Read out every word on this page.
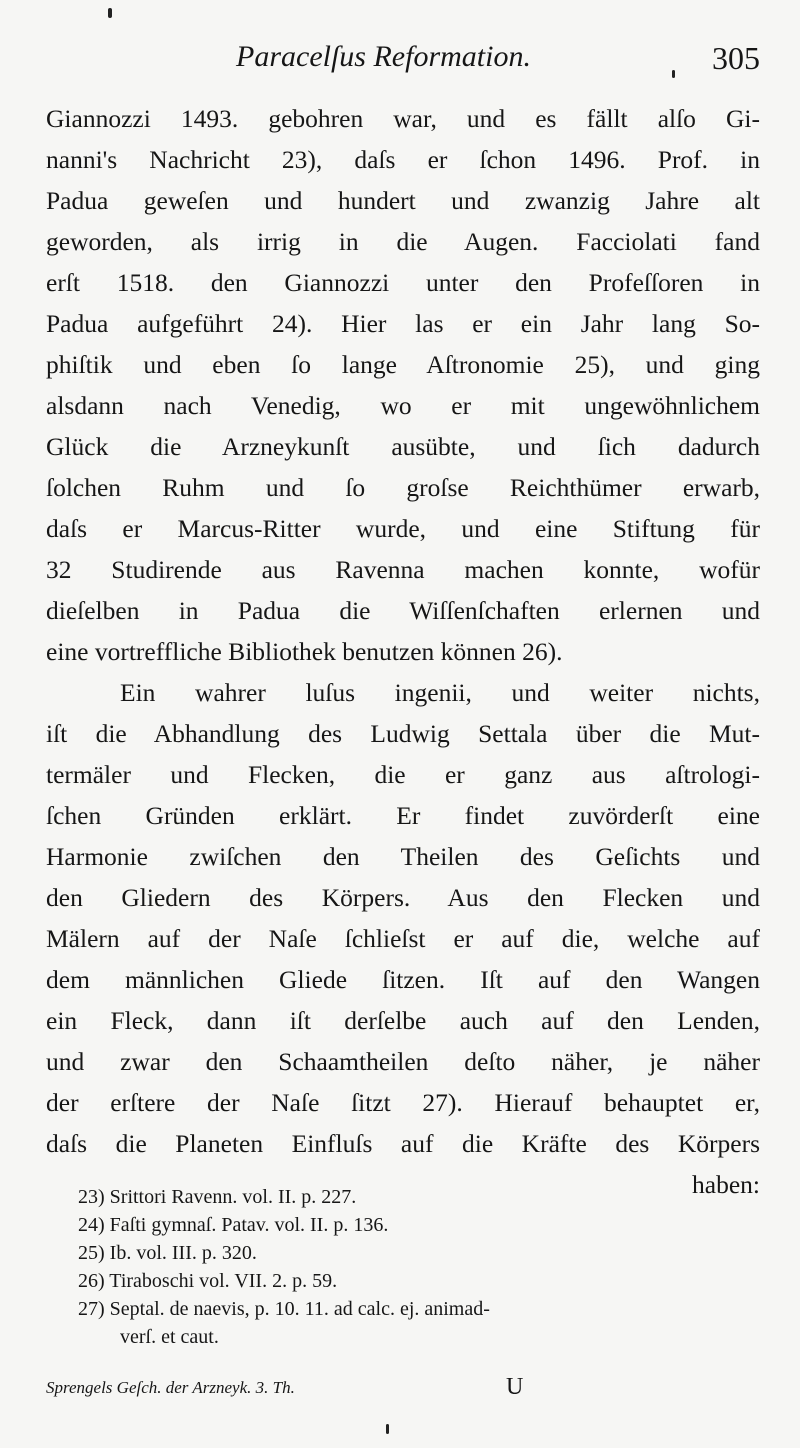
Paracelſus Reformation.	305
Giannozzi 1493. gebohren war, und es fällt alſo Gi-
nanni's Nachricht 23), daſs er ſchon 1496. Prof. in
Padua geweſen und hundert und zwanzig Jahre alt
geworden, als irrig in die Augen. Facciolati fand
erſt 1518. den Giannozzi unter den Profeſſoren in
Padua aufgeführt 24). Hier las er ein Jahr lang So-
phiſtik und eben ſo lange Aſtronomie 25), und ging
alsdann nach Venedig, wo er mit ungewöhnlichem
Glück die Arzneykunſt ausübte, und ſich dadurch
ſolchen Ruhm und ſo groſse Reichthümer erwarb,
daſs er Marcus-Ritter wurde, und eine Stiftung für
32 Studirende aus Ravenna machen konnte, wofür
dieſelben in Padua die Wiſſenſchaften erlernen und
eine vortreffliche Bibliothek benutzen können 26).
Ein wahrer luſus ingenii, und weiter nichts,
iſt die Abhandlung des Ludwig Settala über die Mut-
termäler und Flecken, die er ganz aus aſtrologi-
ſchen Gründen erklärt. Er findet zuvörderſt eine
Harmonie zwiſchen den Theilen des Geſichts und
den Gliedern des Körpers. Aus den Flecken und
Mälern auf der Naſe ſchlieſst er auf die, welche auf
dem männlichen Gliede ſitzen. Iſt auf den Wangen
ein Fleck, dann iſt derſelbe auch auf den Lenden,
und zwar den Schaamtheilen deſto näher, je näher
der erſtere der Naſe ſitzt 27). Hierauf behauptet er,
daſs die Planeten Einfluſs auf die Kräfte des Körpers
haben:
23) Srittori Ravenn. vol. II. p. 227.
24) Faſti gymnaſ. Patav. vol. II. p. 136.
25) Ib. vol. III. p. 320.
26) Tiraboschi vol. VII. 2. p. 59.
27) Septal. de naevis, p. 10. 11. ad calc. ej. animad-
verſ. et caut.
Sprengels Geſch. der Arzneyk. 3. Th.	U
